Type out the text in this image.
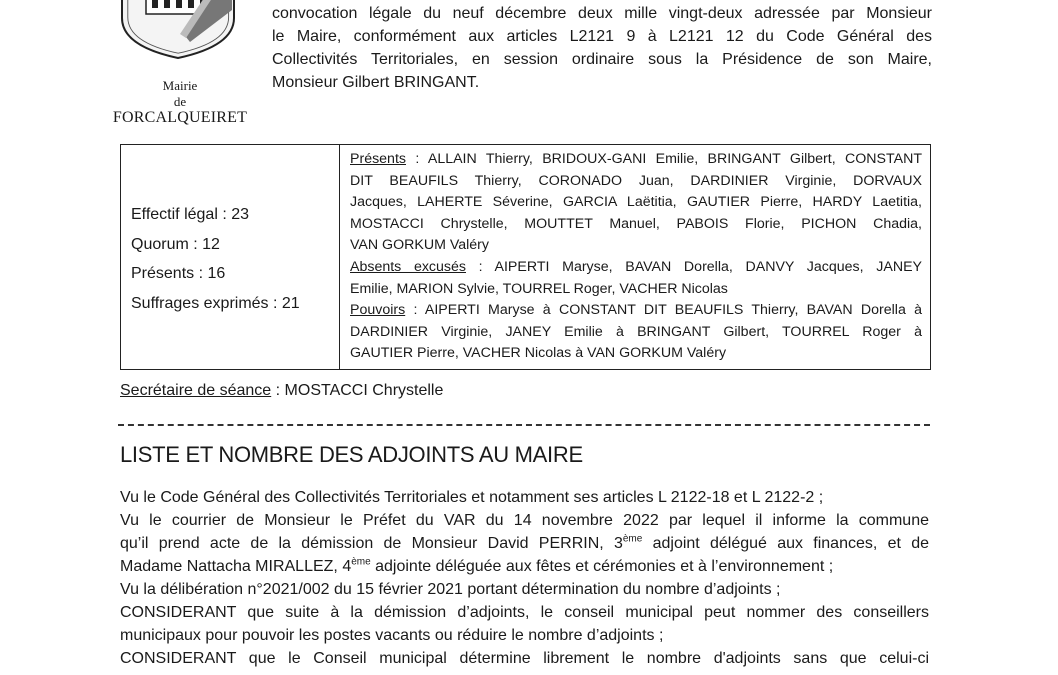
Mairie
de
FORCALQUEIRET
convocation légale du neuf décembre deux mille vingt-deux adressée par Monsieur
le Maire, conformément aux articles L2121 9 à L2121 12 du Code Général des
Collectivités Territoriales, en session ordinaire sous la Présidence de son Maire,
Monsieur Gilbert BRINGANT.
Effectif légal : 23
Quorum : 12
Présents : 16
Suffrages exprimés : 21
Présents : ALLAIN Thierry, BRIDOUX-GANI Emilie, BRINGANT Gilbert, CONSTANT
DIT BEAUFILS Thierry, CORONADO Juan, DARDINIER Virginie, DORVAUX
Jacques, LAHERTE Séverine, GARCIA Laëtitia, GAUTIER Pierre, HARDY Laetitia,
MOSTACCI Chrystelle, MOUTTET Manuel, PABOIS Florie, PICHON Chadia,
VAN GORKUM Valéry
Absents excusés : AIPERTI Maryse, BAVAN Dorella, DANVY Jacques, JANEY
Emilie, MARION Sylvie, TOURREL Roger, VACHER Nicolas
Pouvoirs : AIPERTI Maryse à CONSTANT DIT BEAUFILS Thierry, BAVAN Dorella à
DARDINIER Virginie, JANEY Emilie à BRINGANT Gilbert, TOURREL Roger à
GAUTIER Pierre, VACHER Nicolas à VAN GORKUM Valéry
Secrétaire de séance : MOSTACCI Chrystelle
LISTE ET NOMBRE DES ADJOINTS AU MAIRE
Vu le Code Général des Collectivités Territoriales et notamment ses articles L 2122-18 et L 2122-2 ;
Vu le courrier de Monsieur le Préfet du VAR du 14 novembre 2022 par lequel il informe la commune
qu’il prend acte de la démission de Monsieur David PERRIN, 3ème adjoint délégué aux finances, et de
Madame Nattacha MIRALLEZ, 4ème adjointe déléguée aux fêtes et cérémonies et à l’environnement ;
Vu la délibération n°2021/002 du 15 février 2021 portant détermination du nombre d’adjoints ;
CONSIDERANT que suite à la démission d’adjoints, le conseil municipal peut nommer des conseillers
municipaux pour pouvoir les postes vacants ou réduire le nombre d’adjoints ;
CONSIDERANT que le Conseil municipal détermine librement le nombre d'adjoints sans que celui-ci
